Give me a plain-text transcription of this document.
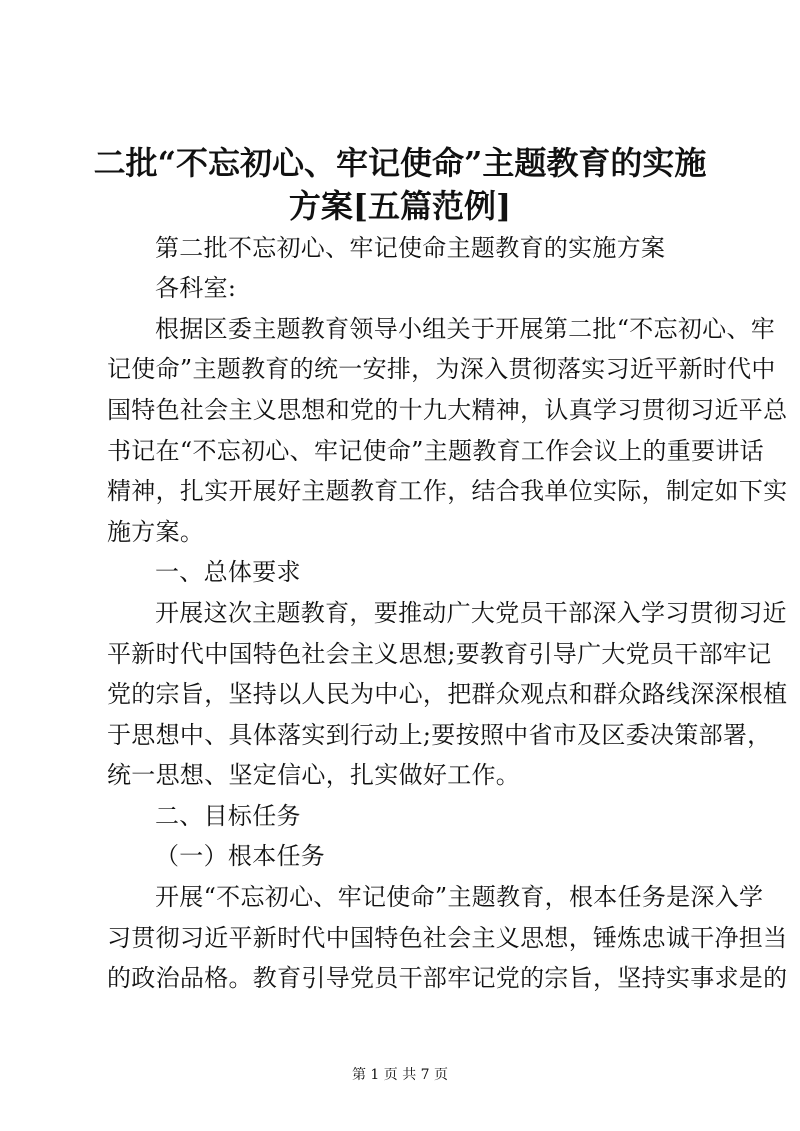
二批“不忘初心、牢记使命”主题教育的实施
方案[五篇范例]
第二批不忘初心、牢记使命主题教育的实施方案
各科室:
根据区委主题教育领导小组关于开展第二批“不忘初心、牢
记使命”主题教育的统一安排，为深入贯彻落实习近平新时代中
国特色社会主义思想和党的十九大精神，认真学习贯彻习近平总
书记在“不忘初心、牢记使命”主题教育工作会议上的重要讲话
精神，扎实开展好主题教育工作，结合我单位实际，制定如下实
施方案。
一、总体要求
开展这次主题教育，要推动广大党员干部深入学习贯彻习近
平新时代中国特色社会主义思想;要教育引导广大党员干部牢记
党的宗旨，坚持以人民为中心，把群众观点和群众路线深深根植
于思想中、具体落实到行动上;要按照中省市及区委决策部署，
统一思想、坚定信心，扎实做好工作。
二、目标任务
（一）根本任务
开展“不忘初心、牢记使命”主题教育，根本任务是深入学
习贯彻习近平新时代中国特色社会主义思想，锤炼忠诚干净担当
的政治品格。教育引导党员干部牢记党的宗旨，坚持实事求是的
第 1 页 共 7 页
